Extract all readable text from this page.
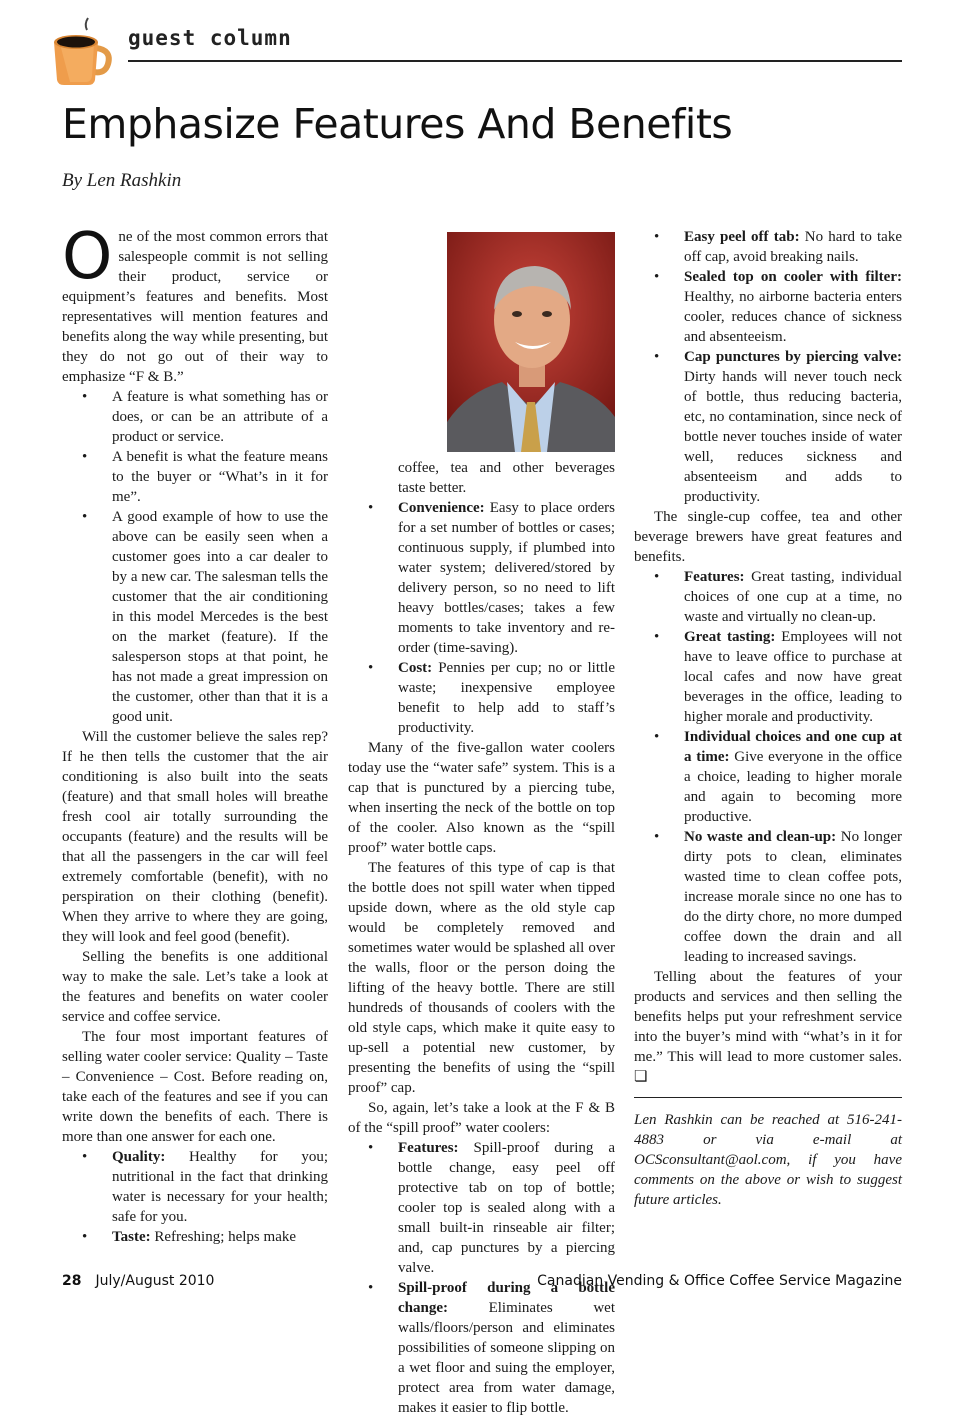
guest column
Emphasize Features And Benefits
By Len Rashkin

One of the most common errors that salespeople commit is not selling their product, service or equipment’s features and benefits. Most representatives will mention features and benefits along the way while presenting, but they do not go out of their way to emphasize “F & B.”

• A feature is what something has or does, or can be an attribute of a product or service.
• A benefit is what the feature means to the buyer or “What’s in it for me”.
• A good example of how to use the above can be easily seen when a customer goes into a car dealer to by a new car. The salesman tells the customer that the air conditioning in this model Mercedes is the best on the market (feature). If the salesperson stops at that point, he has not made a great impression on the customer, other than that it is a good unit.

Will the customer believe the sales rep? If he then tells the customer that the air conditioning is also built into the seats (feature) and that small holes will breathe fresh cool air totally surrounding the occupants (feature) and the results will be that all the passengers in the car will feel extremely comfortable (benefit), with no perspiration on their clothing (benefit). When they arrive to where they are going, they will look and feel good (benefit).

Selling the benefits is one additional way to make the sale. Let’s take a look at the features and benefits on water cooler service and coffee service.

The four most important features of selling water cooler service: Quality – Taste – Convenience – Cost. Before reading on, take each of the features and see if you can write down the benefits of each. There is more than one answer for each one.

• Quality: Healthy for you; nutritional in the fact that drinking water is necessary for your health; safe for you.
• Taste: Refreshing; helps make

coffee, tea and other beverages taste better.

• Convenience: Easy to place orders for a set number of bottles or cases; continuous supply, if plumbed into water system; delivered/stored by delivery person, so no need to lift heavy bottles/cases; takes a few moments to take inventory and re-order (time-saving).
• Cost: Pennies per cup; no or little waste; inexpensive employee benefit to help add to staff’s productivity.

Many of the five-gallon water coolers today use the “water safe” system. This is a cap that is punctured by a piercing tube, when inserting the neck of the bottle on top of the cooler. Also known as the “spill proof” water bottle caps.

The features of this type of cap is that the bottle does not spill water when tipped upside down, where as the old style cap would be completely removed and sometimes water would be splashed all over the walls, floor or the person doing the lifting of the heavy bottle. There are still hundreds of thousands of coolers with the old style caps, which make it quite easy to up-sell a potential new customer, by presenting the benefits of using the “spill proof” cap.

So, again, let’s take a look at the F & B of the “spill proof” water coolers:

• Features: Spill-proof during a bottle change, easy peel off protective tab on top of bottle; cooler top is sealed along with a small built-in rinseable air filter; and, cap punctures by a piercing valve.
• Spill-proof during a bottle change: Eliminates wet walls/floors/person and eliminates possibilities of someone slipping on a wet floor and suing the employer, protect area from water damage, makes it easier to flip bottle.
• Easy peel off tab: No hard to take off cap, avoid breaking nails.
• Sealed top on cooler with filter: Healthy, no airborne bacteria enters cooler, reduces chance of sickness and absenteeism.
• Cap punctures by piercing valve: Dirty hands will never touch neck of bottle, thus reducing bacteria, etc, no contamination, since neck of bottle never touches inside of water well, reduces sickness and absenteeism and adds to productivity.

The single-cup coffee, tea and other beverage brewers have great features and benefits.

• Features: Great tasting, individual choices of one cup at a time, no waste and virtually no clean-up.
• Great tasting: Employees will not have to leave office to purchase at local cafes and now have great beverages in the office, leading to higher morale and productivity.
• Individual choices and one cup at a time: Give everyone in the office a choice, leading to higher morale and again to becoming more productive.
• No waste and clean-up: No longer dirty pots to clean, eliminates wasted time to clean coffee pots, increase morale since no one has to do the dirty chore, no more dumped coffee down the drain and all leading to increased savings.

Telling about the features of your products and services and then selling the benefits helps put your refreshment service into the buyer’s mind with “what’s in it for me.” This will lead to more customer sales. ❏

Len Rashkin can be reached at 516-241-4883 or via e-mail at OCSconsultant@aol.com, if you have comments on the above or wish to suggest future articles.

28 July/August 2010	Canadian Vending & Office Coffee Service Magazine
